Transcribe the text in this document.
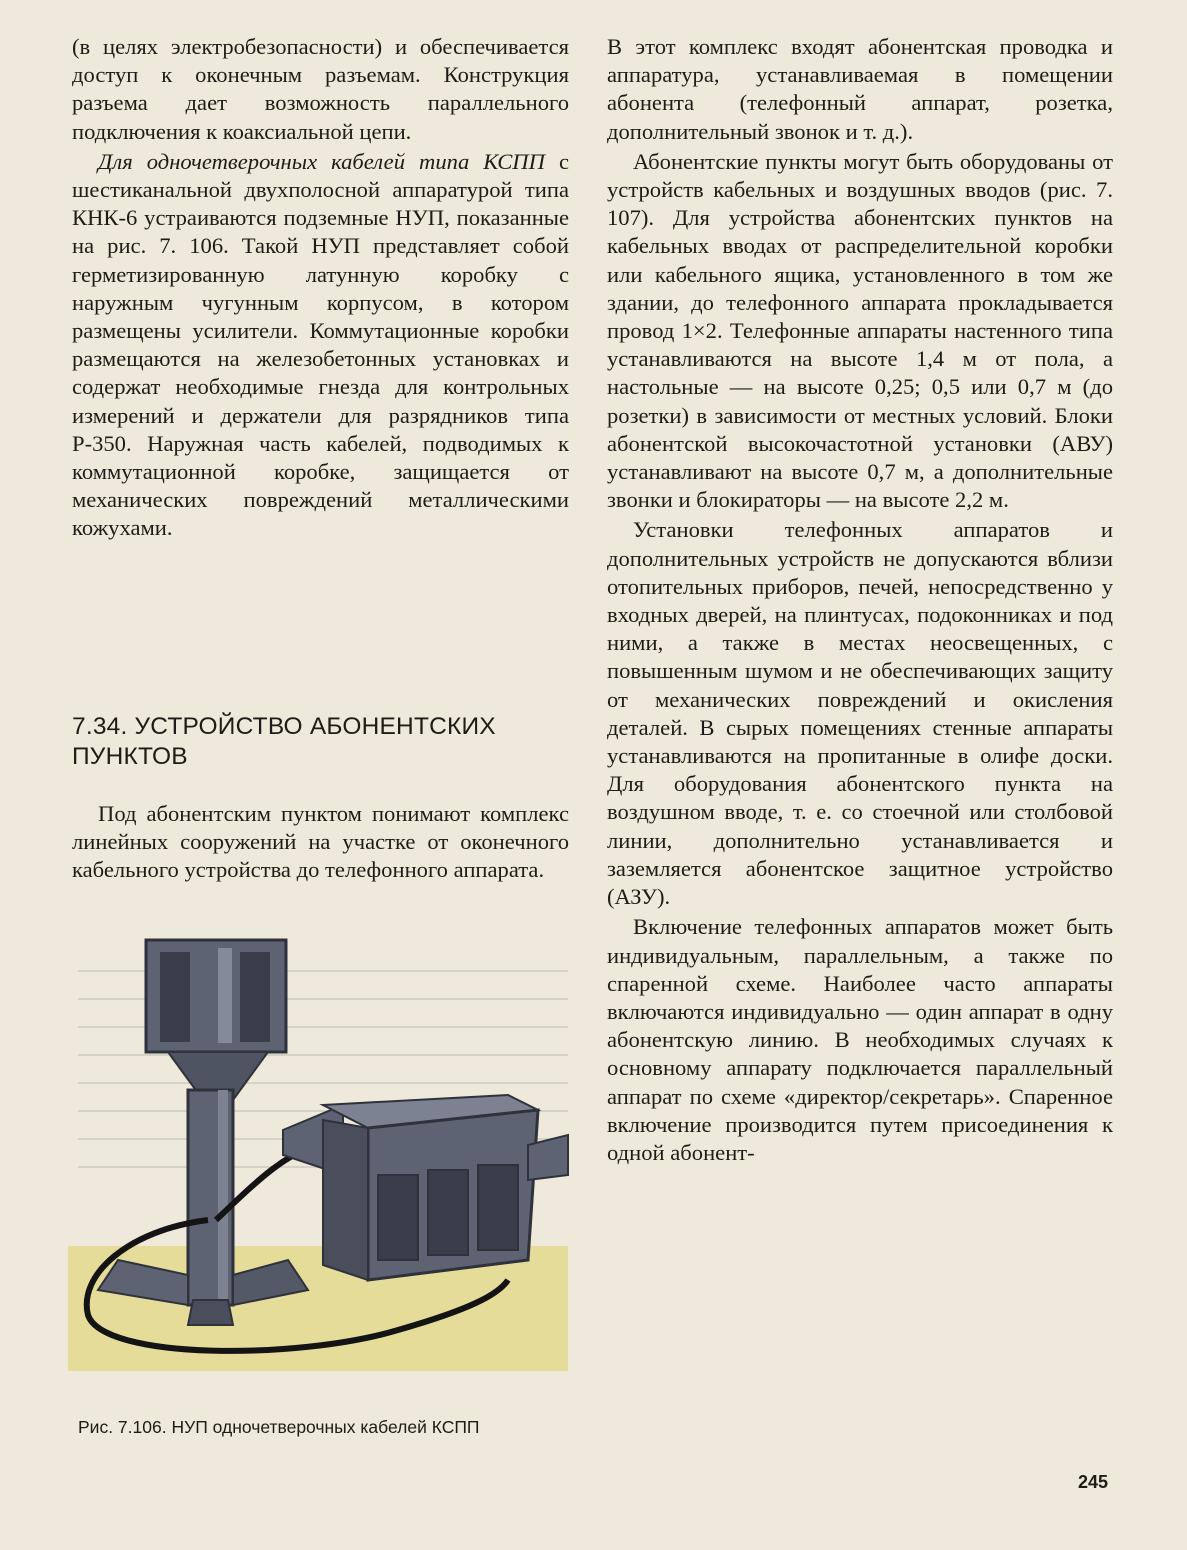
(в целях электробезопасности) и обеспечивается доступ к оконечным разъемам. Конструкция разъема дает возможность параллельного подключения к коаксиальной цепи.

Для одночетверочных кабелей типа КСПП с шестиканальной двухполосной аппаратурой типа КНК-6 устраиваются подземные НУП, показанные на рис. 7. 106. Такой НУП представляет собой герметизированную латунную коробку с наружным чугунным корпусом, в котором размещены усилители. Коммутационные коробки размещаются на железобетонных установках и содержат необходимые гнезда для контрольных измерений и держатели для разрядников типа Р-350. Наружная часть кабелей, подводимых к коммутационной коробке, защищается от механических повреждений металлическими кожухами.

7.34. УСТРОЙСТВО АБОНЕНТСКИХ ПУНКТОВ

Под абонентским пунктом понимают комплекс линейных сооружений на участке от оконечного кабельного устройства до телефонного аппарата.

Рис. 7.106. НУП одночетверочных кабелей КСПП

В этот комплекс входят абонентская проводка и аппаратура, устанавливаемая в помещении абонента (телефонный аппарат, розетка, дополнительный звонок и т. д.).

Абонентские пункты могут быть оборудованы от устройств кабельных и воздушных вводов (рис. 7. 107). Для устройства абонентских пунктов на кабельных вводах от распределительной коробки или кабельного ящика, установленного в том же здании, до телефонного аппарата прокладывается провод 1×2. Телефонные аппараты настенного типа устанавливаются на высоте 1,4 м от пола, а настольные — на высоте 0,25; 0,5 или 0,7 м (до розетки) в зависимости от местных условий. Блоки абонентской высокочастотной установки (АВУ) устанавливают на высоте 0,7 м, а дополнительные звонки и блокираторы — на высоте 2,2 м.

Установки телефонных аппаратов и дополнительных устройств не допускаются вблизи отопительных приборов, печей, непосредственно у входных дверей, на плинтусах, подоконниках и под ними, а также в местах неосвещенных, с повышенным шумом и не обеспечивающих защиту от механических повреждений и окисления деталей. В сырых помещениях стенные аппараты устанавливаются на пропитанные в олифе доски. Для оборудования абонентского пункта на воздушном вводе, т. е. со стоечной или столбовой линии, дополнительно устанавливается и заземляется абонентское защитное устройство (АЗУ).

Включение телефонных аппаратов может быть индивидуальным, параллельным, а также по спаренной схеме. Наиболее часто аппараты включаются индивидуально — один аппарат в одну абонентскую линию. В необходимых случаях к основному аппарату подключается параллельный аппарат по схеме «директор/секретарь». Спаренное включение производится путем присоединения к одной абонент-

245
